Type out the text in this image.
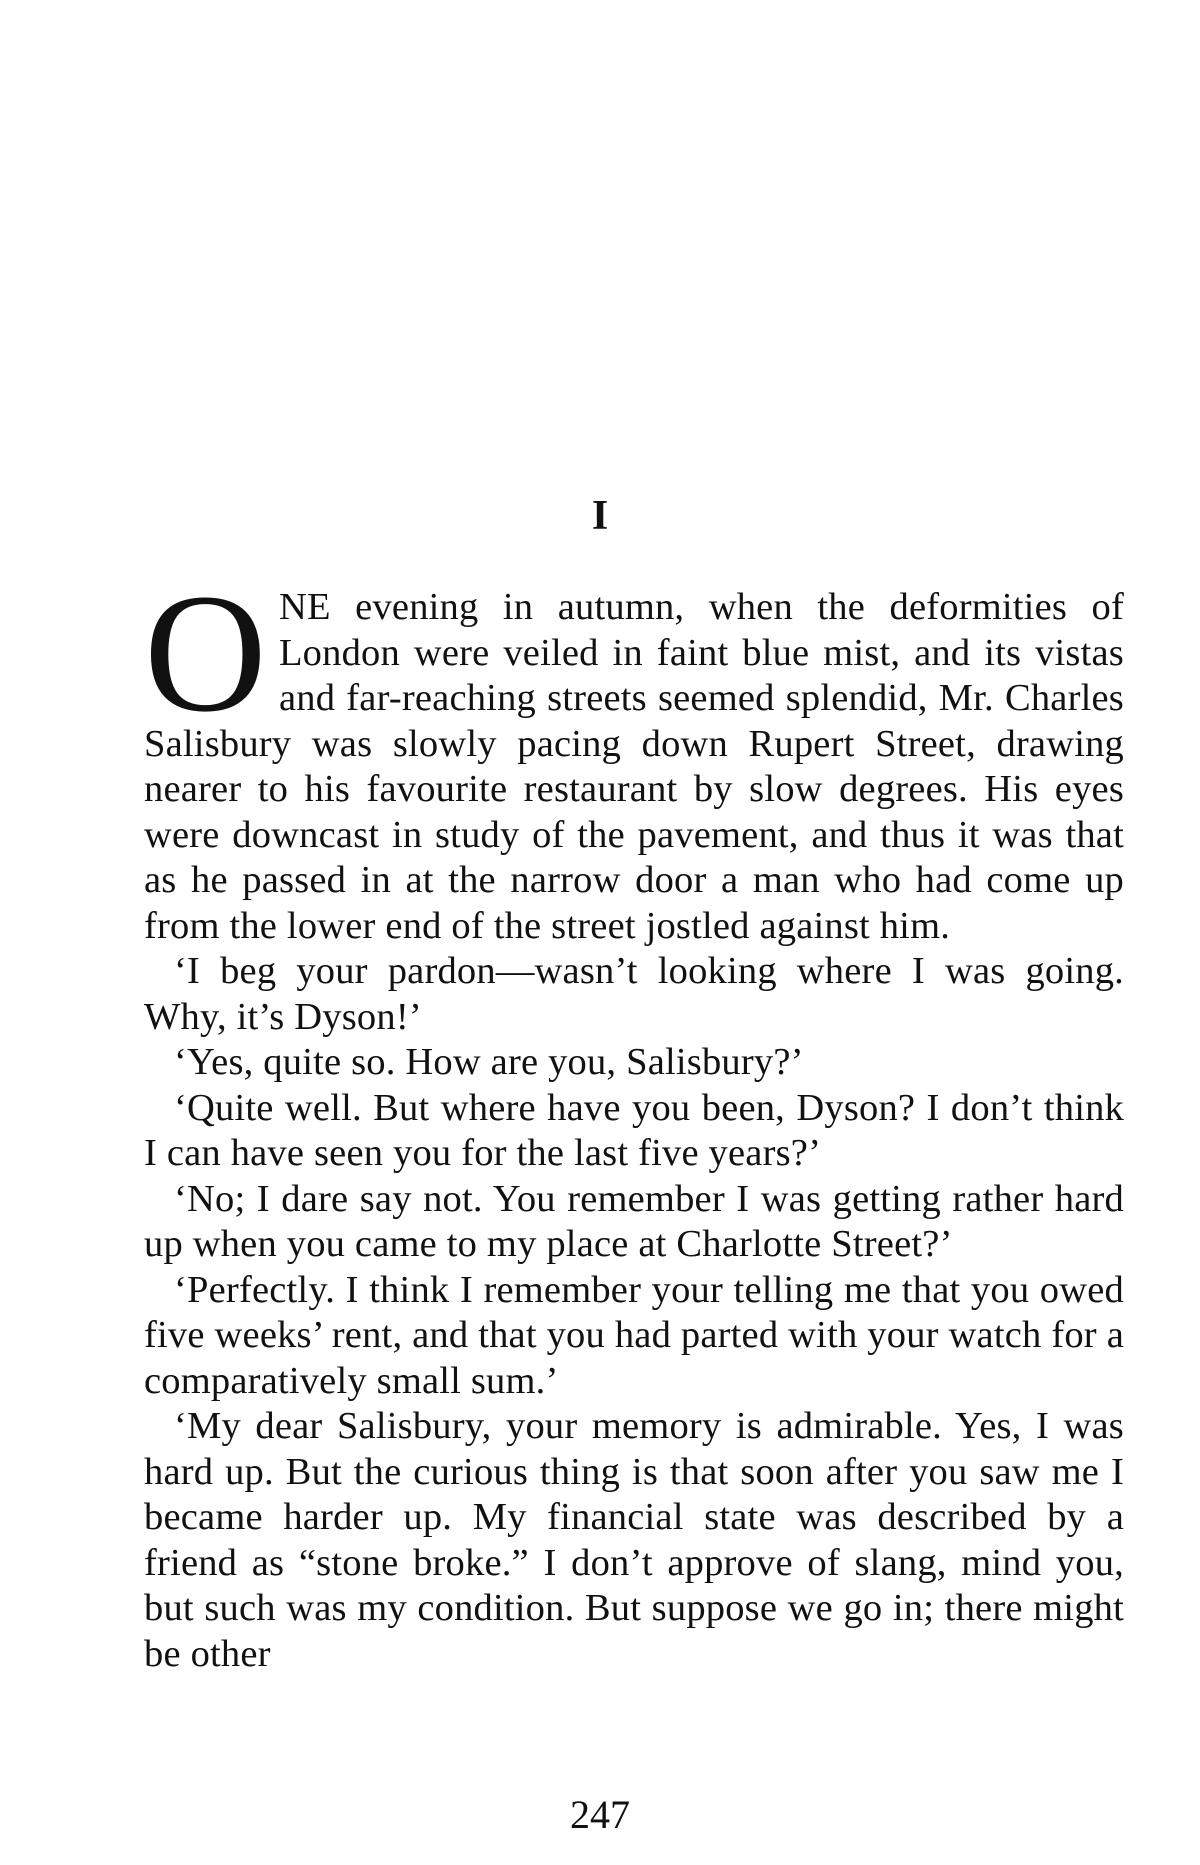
I

ONE evening in autumn, when the deformities of London were veiled in faint blue mist, and its vistas and far-reaching streets seemed splendid, Mr. Charles Salisbury was slowly pacing down Rupert Street, drawing nearer to his favourite restaurant by slow degrees. His eyes were downcast in study of the pavement, and thus it was that as he passed in at the narrow door a man who had come up from the lower end of the street jostled against him.

‘I beg your pardon—wasn’t looking where I was going. Why, it’s Dyson!’

‘Yes, quite so. How are you, Salisbury?’

‘Quite well. But where have you been, Dyson? I don’t think I can have seen you for the last five years?’

‘No; I dare say not. You remember I was getting rather hard up when you came to my place at Charlotte Street?’

‘Perfectly. I think I remember your telling me that you owed five weeks’ rent, and that you had parted with your watch for a comparatively small sum.’

‘My dear Salisbury, your memory is admirable. Yes, I was hard up. But the curious thing is that soon after you saw me I became harder up. My financial state was described by a friend as “stone broke.” I don’t approve of slang, mind you, but such was my condition. But suppose we go in; there might be other

247
